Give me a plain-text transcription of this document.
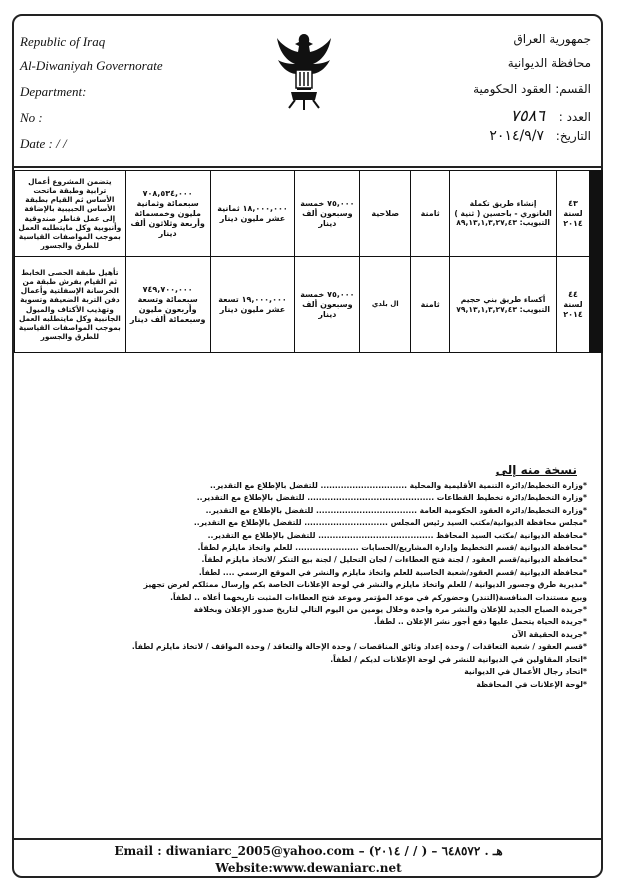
Republic of Iraq
Al-Diwaniyah Governorate
Department:
No :
Date : / /
جمهورية العراق
محافظة الديوانية
القسم: العقود الحكومية
العدد : ٧٥٨٦
التاريخ: ٢٠١٤/٩/٧
يتضمن المشروع أعمال ترابية وطبقة ماتحت الأساس ثم القيام بطبقة الأساس الحبيبية بالإضافة إلى عمل قناطر صندوقية وأنبوبية وكل مايتطلبه العمل بموجب المواصفات القياسية للطرق والجسور	٧٠٨,٥٣٤,٠٠٠ سبعمائة وثمانية مليون وخمسمائة وأربعة وثلاثون ألف دينار	١٨,٠٠٠,٠٠٠ ثمانية عشر مليون دينار	٧٥,٠٠٠ خمسة وسبعون ألف دينار	صلاحية	ثامنة	إنشاء طريق تكملة الغانوري - باحسين ( ثنية ) التبويب: ٨٩,١٣,١,٣,٢٧,٤٣	٤٣
لسنة ٢٠١٤	

تأهيل طبقة الحصى الخابط ثم القيام بفرش طبقة من الخرسانة الإسفلتية وأعمال دفن التربة الضعيفة وتسوية وتهذيب الأكتاف والميول الجانبية وكل مايتطلبه العمل بموجب المواصفات القياسية للطرق والجسور	٧٤٩,٧٠٠,٠٠٠ سبعمائة وتسعة وأربعون مليون وسبعمائة ألف دينار	١٩,٠٠٠,٠٠٠ تسعة عشر مليون دينار	٧٥,٠٠٠ خمسة وسبعون ألف دينار	ال بلدي	ثامنة	أكساء طريق بني حجيم التبويب: ٧٩,١٣,١,٣,٢٧,٤٣	٤٤
لسنة ٢٠١٤	

نسخة منه إلى
*وزارة التخطيط/دائرة التنمية الأقليمية والمحلية .............................. للتفضل بالإطلاع مع التقدير..
*وزارة التخطيط/دائرة تخطيط القطاعات ............................................ للتفضل بالإطلاع مع التقدير..
*وزارة التخطيط/دائرة العقود الحكومية العامة ................................... للتفضل بالإطلاع مع التقدير..
*مجلس محافظة الديوانية/مكتب السيد رئيس المجلس ............................. للتفضل بالإطلاع مع التقدير..
*محافظة الديوانية /مكتب السيد المحافظ ........................................ للتفضل بالإطلاع مع التقدير..
*محافظة الديوانية /قسم التخطيط وإدارة المشاريع/الحسابات ...................... للعلم واتخاذ مايلزم لطفاً.
*محافظة الديوانية/قسم العقود / لجنة فتح العطاءات / لجان التحليل / لجنة بيع التنكر /لاتخاذ مايلزم لطفاً.
*محافظة الديوانية /قسم العقود/شعبة الحاسبة للعلم واتخاذ مايلزم والنشر في الموقع الرسمي .... لطفاً.
*مديرية طرق وجسور الديوانية / للعلم واتخاذ مايلزم والنشر في لوحة الإعلانات الخاصة بكم وإرسال ممثلكم لغرض تجهيز
وبيع مستندات المنافسة(التندر) وحضوركم في موعد المؤتمر وموعد فتح العطاءات المثبت تاريخهما أعلاه .. لطفاً.
*جريدة الصباح الجديد للإعلان والنشر مرة واحدة وخلال يومين من اليوم التالي لتاريخ صدور الإعلان وبخلافة
*جريدة الحياة يتحمل عليها دفع أجور نشر الإعلان .. لطفاً.
*جريدة الحقيقة الآن
*قسم العقود / شعبة التعاقدات / وحدة إعداد وثائق المناقصات / وحدة الإحالة والتعاقد / وحدة المواقف / لاتخاذ مايلزم لطفاً.
*اتحاد المقاولين في الديوانية للنشر في لوحة الإعلانات لديكم / لطفاً.
*اتحاد رجال الأعمال في الديوانية
*لوحة الإعلانات في المحافظة
Email : diwaniarc_2005@yahoo.com – (٢٠١٤ / / ) – هـ . ٦٤٨٥٧٢
Website:www.dewaniarc.net
